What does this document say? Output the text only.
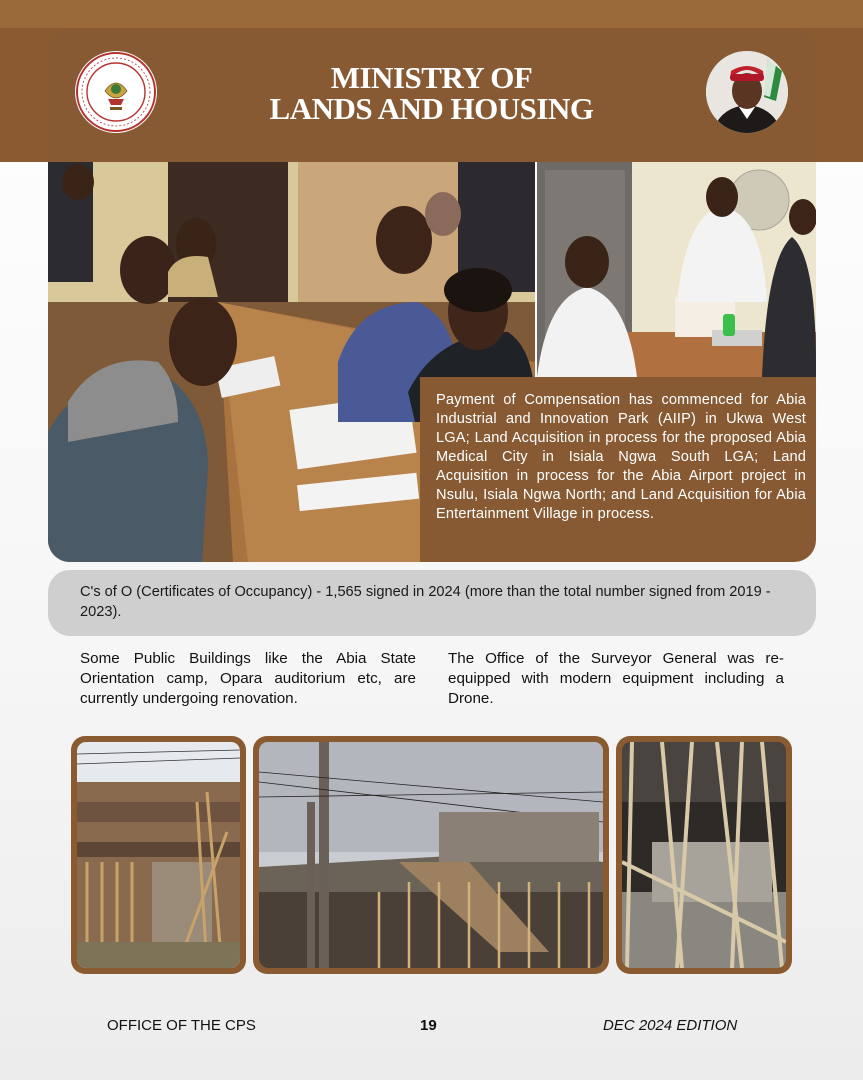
MINISTRY OF
LANDS AND HOUSING
Payment of Compensation has commenced for Abia Industrial and Innovation Park (AIIP) in Ukwa West LGA; Land Acquisition in process for the proposed Abia Medical City in Isiala Ngwa South LGA; Land Acquisition in process for the Abia Airport project in Nsulu, Isiala Ngwa North; and Land Acquisition for Abia Entertainment Village in process.
C's of O (Certificates of Occupancy) - 1,565 signed in 2024 (more than the total number signed from 2019 - 2023).
Some Public Buildings like the Abia State Orientation camp, Opara auditorium etc, are currently undergoing renovation.
The Office of the Surveyor General was re-equipped with modern equipment including a Drone.
OFFICE OF THE CPS	19	DEC 2024 EDITION
